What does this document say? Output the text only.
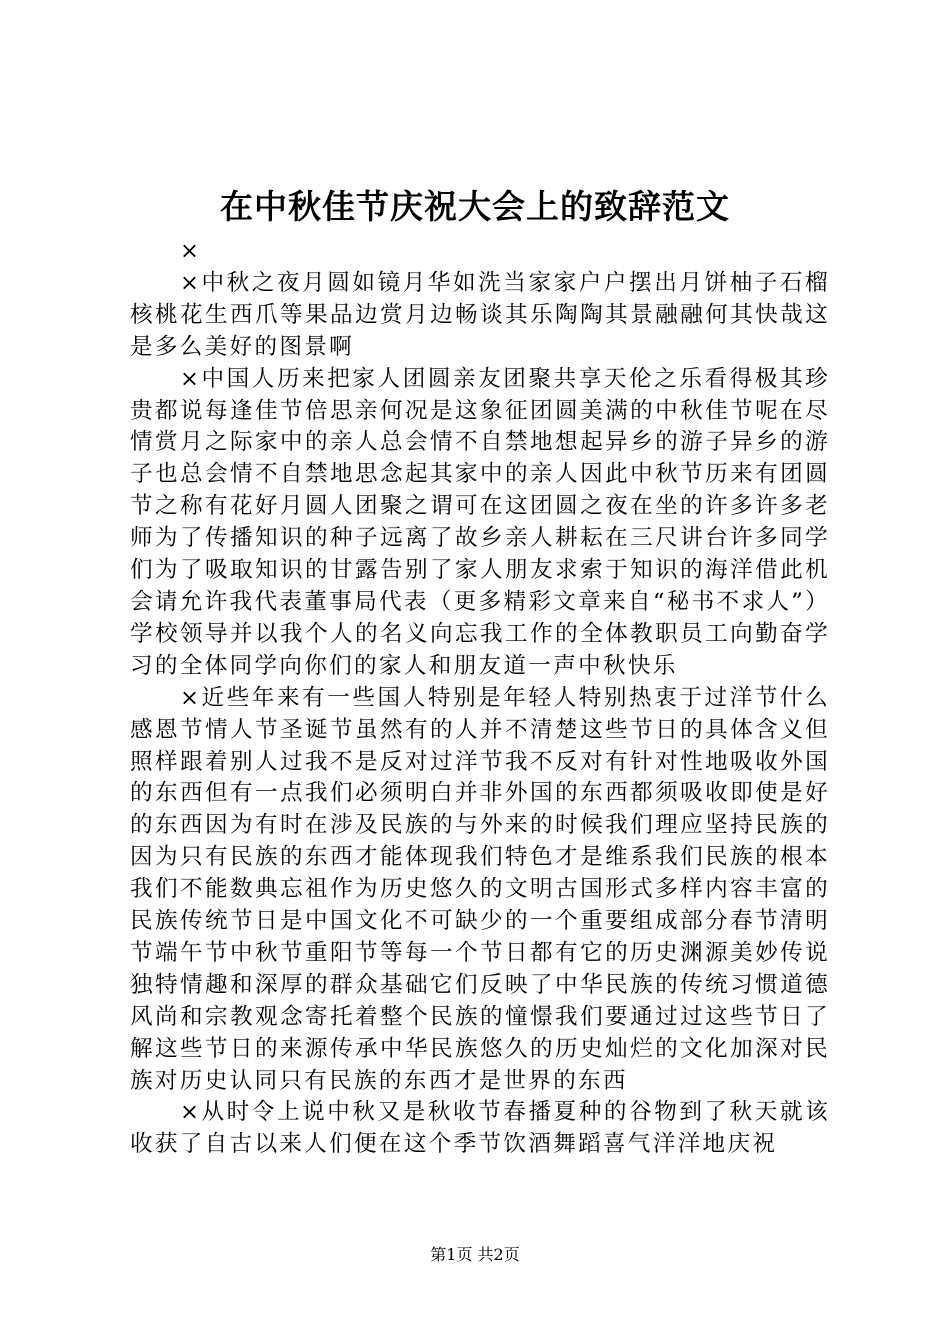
在中秋佳节庆祝大会上的致辞范文

×

×中秋之夜月圆如镜月华如洗当家家户户摆出月饼柚子石榴核桃花生西爪等果品边赏月边畅谈其乐陶陶其景融融何其快哉这是多么美好的图景啊

×中国人历来把家人团圆亲友团聚共享天伦之乐看得极其珍贵都说每逢佳节倍思亲何况是这象征团圆美满的中秋佳节呢在尽情赏月之际家中的亲人总会情不自禁地想起异乡的游子异乡的游子也总会情不自禁地思念起其家中的亲人因此中秋节历来有团圆节之称有花好月圆人团聚之谓可在这团圆之夜在坐的许多许多老师为了传播知识的种子远离了故乡亲人耕耘在三尺讲台许多同学们为了吸取知识的甘露告别了家人朋友求索于知识的海洋借此机会请允许我代表董事局代表（更多精彩文章来自“秘书不求人”）学校领导并以我个人的名义向忘我工作的全体教职员工向勤奋学习的全体同学向你们的家人和朋友道一声中秋快乐

×近些年来有一些国人特别是年轻人特别热衷于过洋节什么感恩节情人节圣诞节虽然有的人并不清楚这些节日的具体含义但照样跟着别人过我不是反对过洋节我不反对有针对性地吸收外国的东西但有一点我们必须明白并非外国的东西都须吸收即使是好的东西因为有时在涉及民族的与外来的时候我们理应坚持民族的因为只有民族的东西才能体现我们特色才是维系我们民族的根本我们不能数典忘祖作为历史悠久的文明古国形式多样内容丰富的民族传统节日是中国文化不可缺少的一个重要组成部分春节清明节端午节中秋节重阳节等每一个节日都有它的历史渊源美妙传说独特情趣和深厚的群众基础它们反映了中华民族的传统习惯道德风尚和宗教观念寄托着整个民族的憧憬我们要通过过这些节日了解这些节日的来源传承中华民族悠久的历史灿烂的文化加深对民族对历史认同只有民族的东西才是世界的东西

×从时令上说中秋又是秋收节春播夏种的谷物到了秋天就该收获了自古以来人们便在这个季节饮酒舞蹈喜气洋洋地庆祝

第1页 共2页
